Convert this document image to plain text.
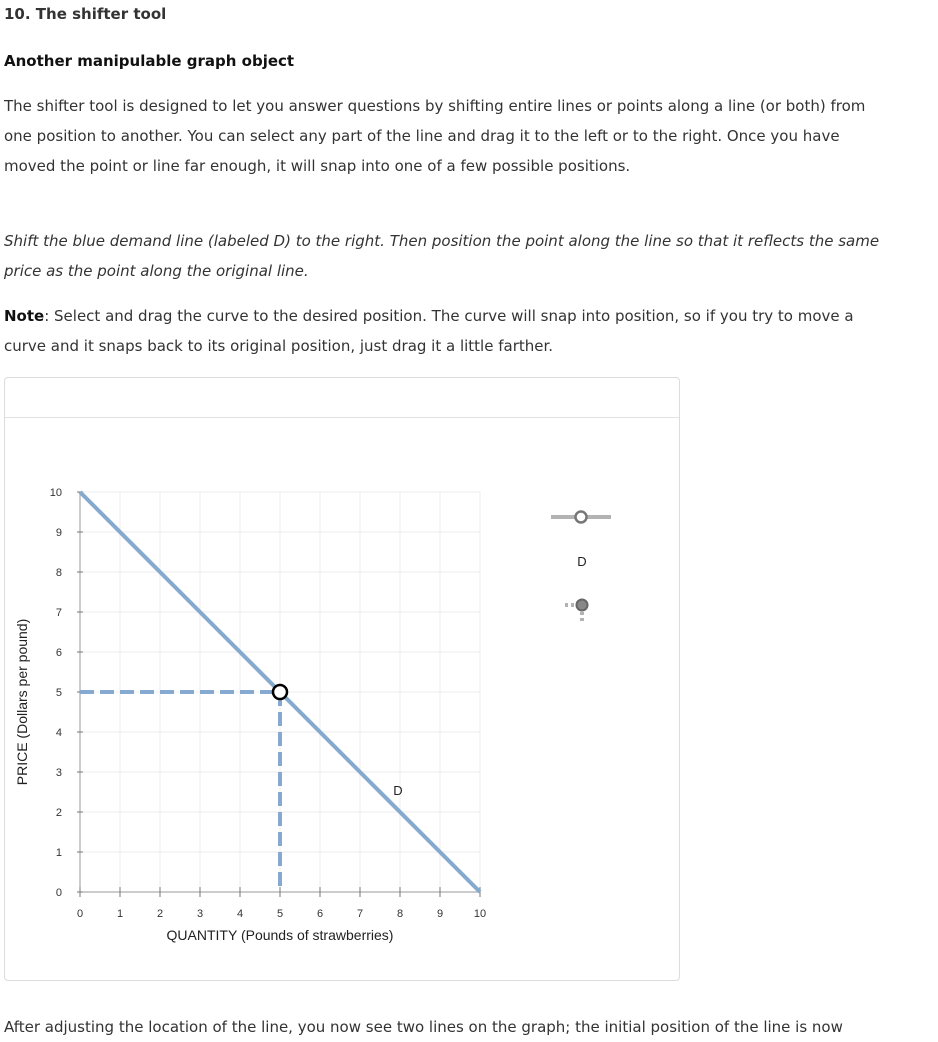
10. The shifter tool
Another manipulable graph object
The shifter tool is designed to let you answer questions by shifting entire lines or points along a line (or both) from one position to another. You can select any part of the line and drag it to the left or to the right. Once you have moved the point or line far enough, it will snap into one of a few possible positions.
Shift the blue demand line (labeled D) to the right. Then position the point along the line so that it reflects the same price as the point along the original line.
Note: Select and drag the curve to the desired position. The curve will snap into position, so if you try to move a curve and it snaps back to its original position, just drag it a little farther.
0
1
2
3
4
5
6
7
8
9
10
0	1	2	3	4	5	6	7	8	9	10
PRICE (Dollars per pound)
QUANTITY (Pounds of strawberries)
D
D
After adjusting the location of the line, you now see two lines on the graph; the initial position of the line is now
